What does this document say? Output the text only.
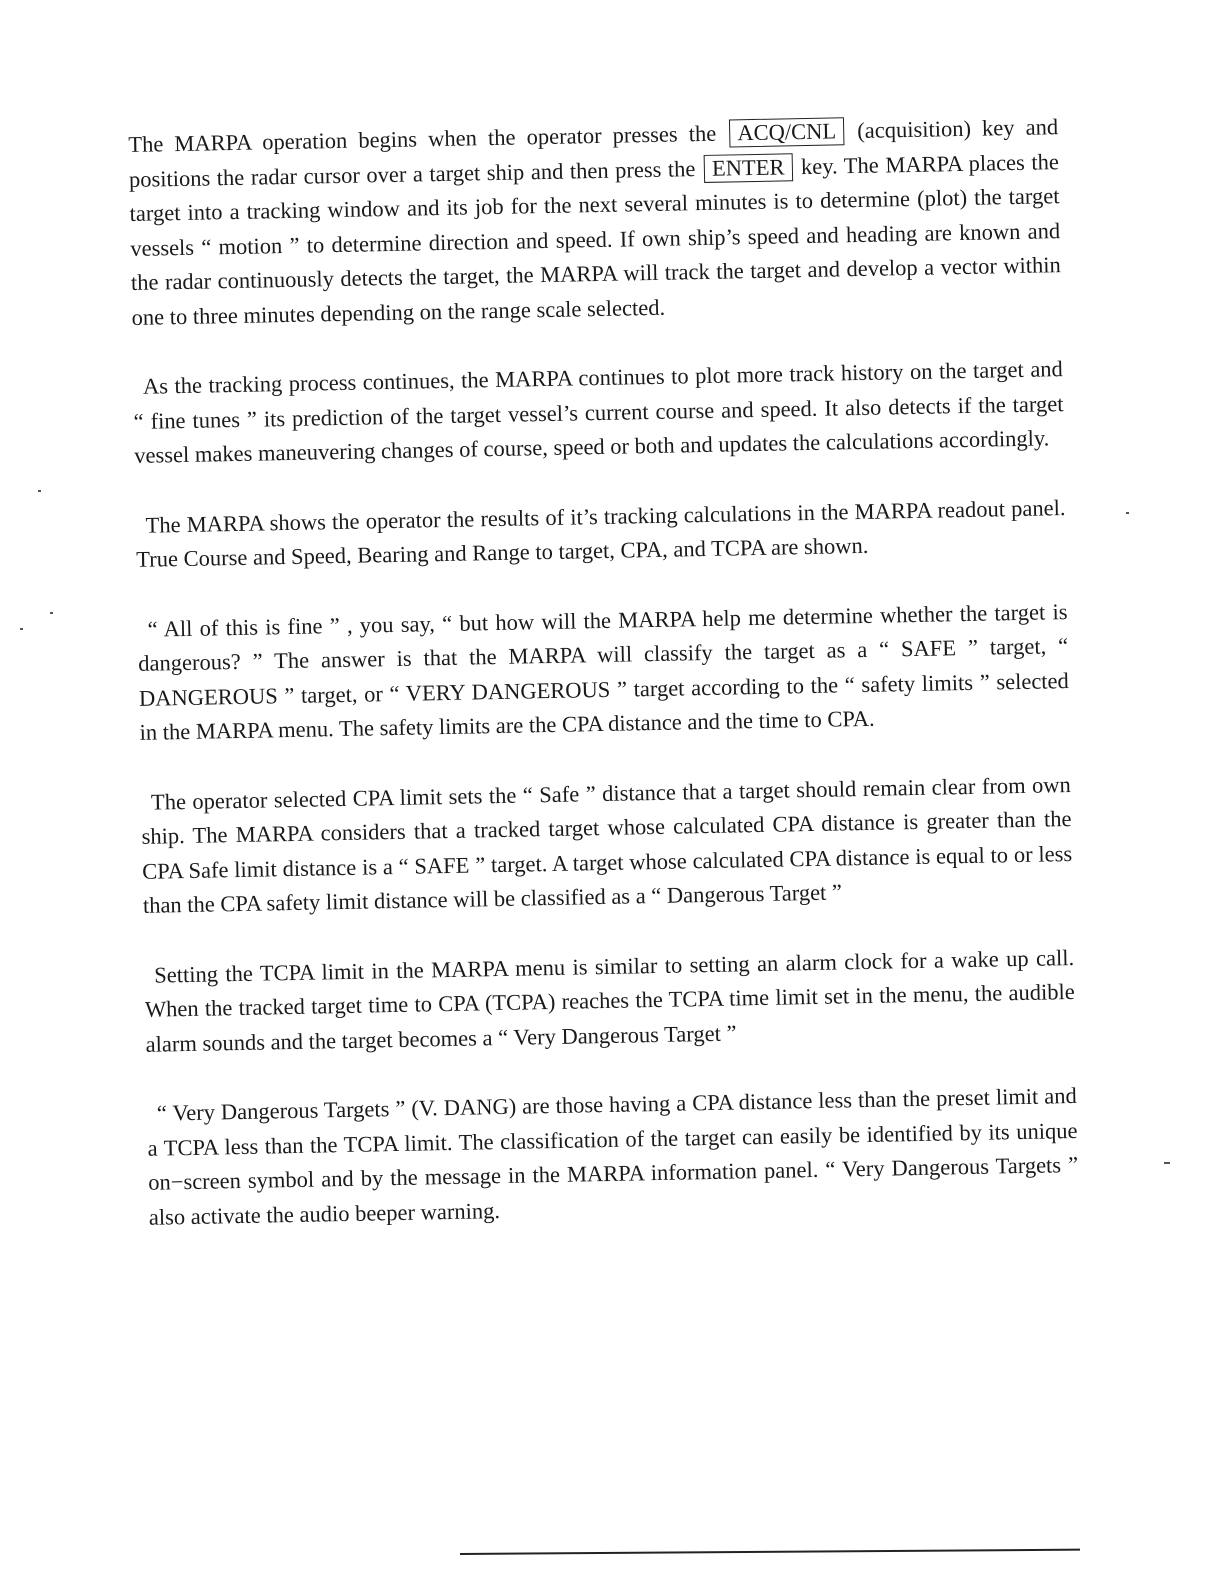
The MARPA operation begins when the operator presses the ACQ/CNL (acquisition) key and positions the radar cursor over a target ship and then press the ENTER key. The MARPA places the target into a tracking window and its job for the next several minutes is to determine (plot) the target vessels “ motion ” to determine direction and speed. If own ship’s speed and heading are known and the radar continuously detects the target, the MARPA will track the target and develop a vector within one to three minutes depending on the range scale selected.

As the tracking process continues, the MARPA continues to plot more track history on the target and “ fine tunes ” its prediction of the target vessel’s current course and speed. It also detects if the target vessel makes maneuvering changes of course, speed or both and updates the calculations accordingly.

The MARPA shows the operator the results of it’s tracking calculations in the MARPA readout panel. True Course and Speed, Bearing and Range to target, CPA, and TCPA are shown.

“ All of this is fine ” , you say, “ but how will the MARPA help me determine whether the target is dangerous? ” The answer is that the MARPA will classify the target as a “ SAFE ” target, “ DANGEROUS ” target, or “ VERY DANGEROUS ” target according to the “ safety limits ” selected in the MARPA menu. The safety limits are the CPA distance and the time to CPA.

The operator selected CPA limit sets the “ Safe ” distance that a target should remain clear from own ship. The MARPA considers that a tracked target whose calculated CPA distance is greater than the CPA Safe limit distance is a “ SAFE ” target. A target whose calculated CPA distance is equal to or less than the CPA safety limit distance will be classified as a “ Dangerous Target ”

Setting the TCPA limit in the MARPA menu is similar to setting an alarm clock for a wake up call. When the tracked target time to CPA (TCPA) reaches the TCPA time limit set in the menu, the audible alarm sounds and the target becomes a “ Very Dangerous Target ”

“ Very Dangerous Targets ” (V. DANG) are those having a CPA distance less than the preset limit and a TCPA less than the TCPA limit. The classification of the target can easily be identified by its unique on−screen symbol and by the message in the MARPA information panel. “ Very Dangerous Targets ” also activate the audio beeper warning.
